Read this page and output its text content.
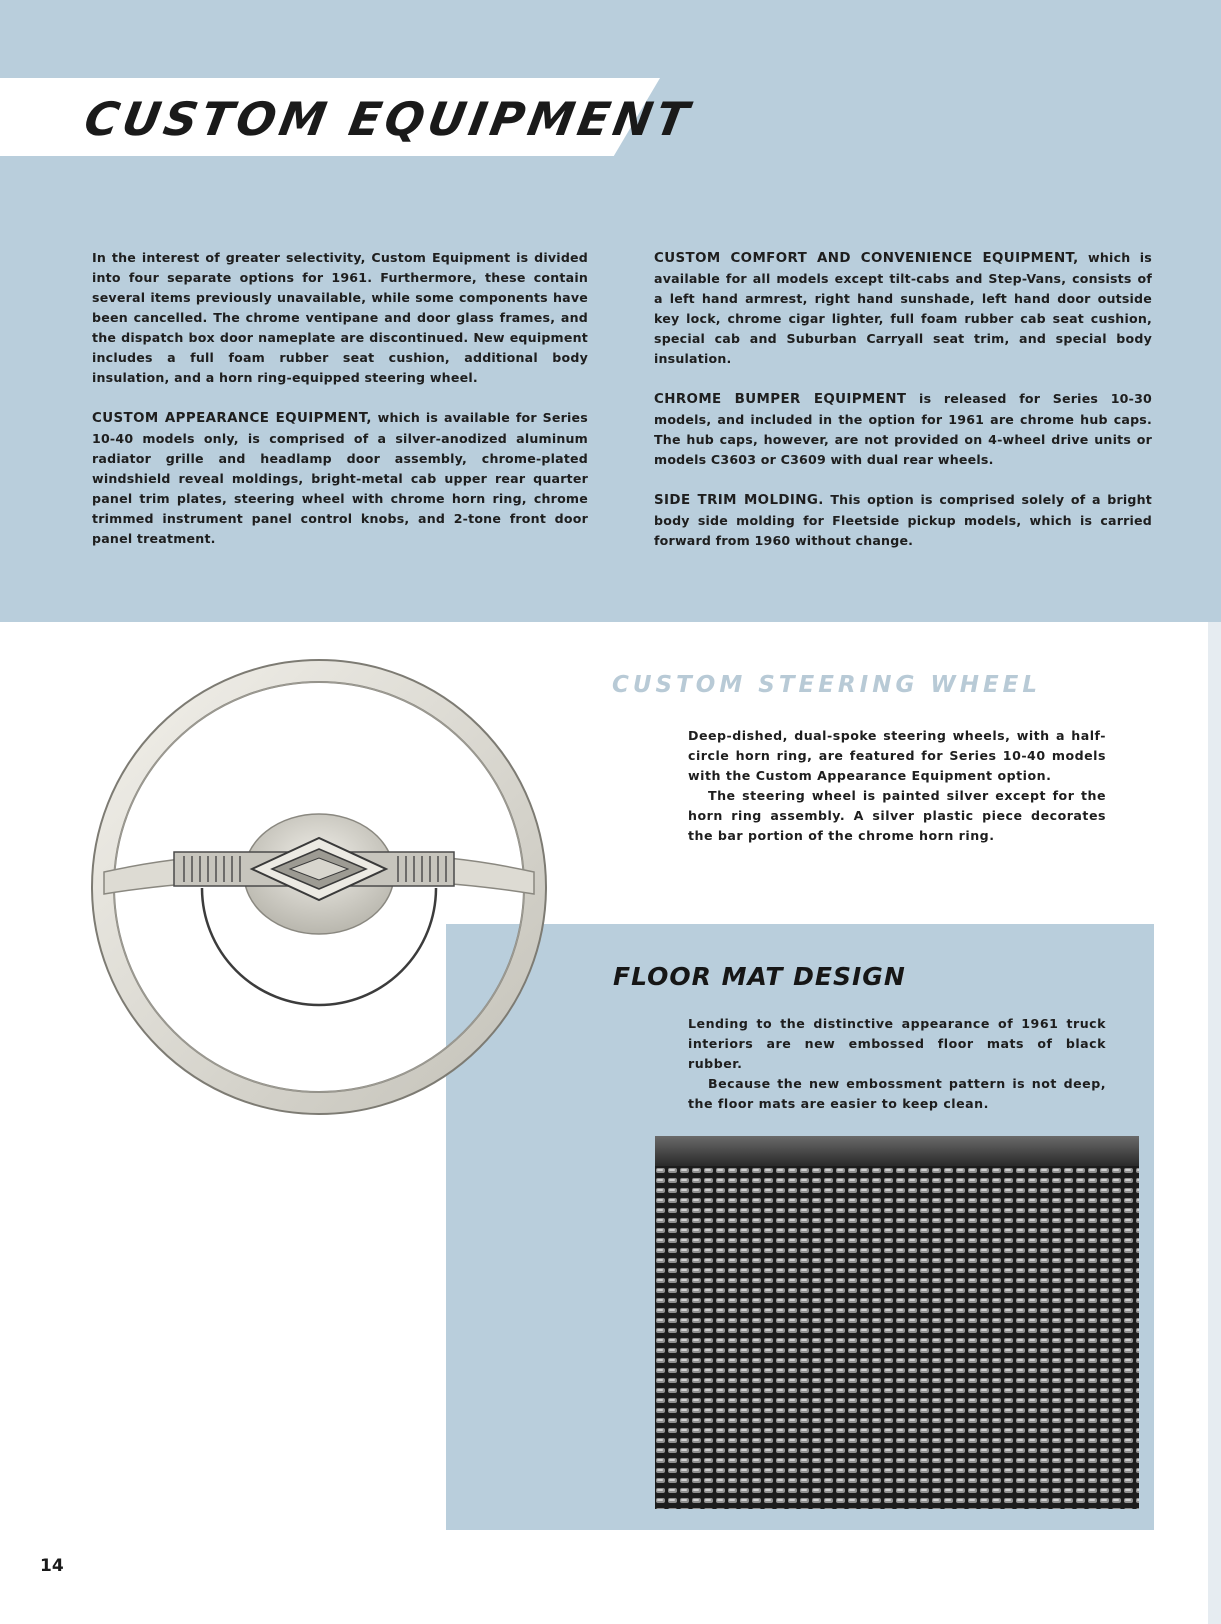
CUSTOM EQUIPMENT

In the interest of greater selectivity, Custom Equipment is divided into four separate options for 1961. Furthermore, these contain several items previously unavailable, while some components have been cancelled. The chrome ventipane and door glass frames, and the dispatch box door nameplate are discontinued. New equipment includes a full foam rubber seat cushion, additional body insulation, and a horn ring-equipped steering wheel.

CUSTOM APPEARANCE EQUIPMENT, which is available for Series 10-40 models only, is comprised of a silver-anodized aluminum radiator grille and headlamp door assembly, chrome-plated windshield reveal moldings, bright-metal cab upper rear quarter panel trim plates, steering wheel with chrome horn ring, chrome trimmed instrument panel control knobs, and 2-tone front door panel treatment.

CUSTOM COMFORT AND CONVENIENCE EQUIPMENT, which is available for all models except tilt-cabs and Step-Vans, consists of a left hand armrest, right hand sunshade, left hand door outside key lock, chrome cigar lighter, full foam rubber cab seat cushion, special cab and Suburban Carryall seat trim, and special body insulation.

CHROME BUMPER EQUIPMENT is released for Series 10-30 models, and included in the option for 1961 are chrome hub caps. The hub caps, however, are not provided on 4-wheel drive units or models C3603 or C3609 with dual rear wheels.

SIDE TRIM MOLDING. This option is comprised solely of a bright body side molding for Fleetside pickup models, which is carried forward from 1960 without change.

CUSTOM STEERING WHEEL

Deep-dished, dual-spoke steering wheels, with a half-circle horn ring, are featured for Series 10-40 models with the Custom Appearance Equipment option.

The steering wheel is painted silver except for the horn ring assembly. A silver plastic piece decorates the bar portion of the chrome horn ring.

FLOOR MAT DESIGN

Lending to the distinctive appearance of 1961 truck interiors are new embossed floor mats of black rubber.

Because the new embossment pattern is not deep, the floor mats are easier to keep clean.

14
